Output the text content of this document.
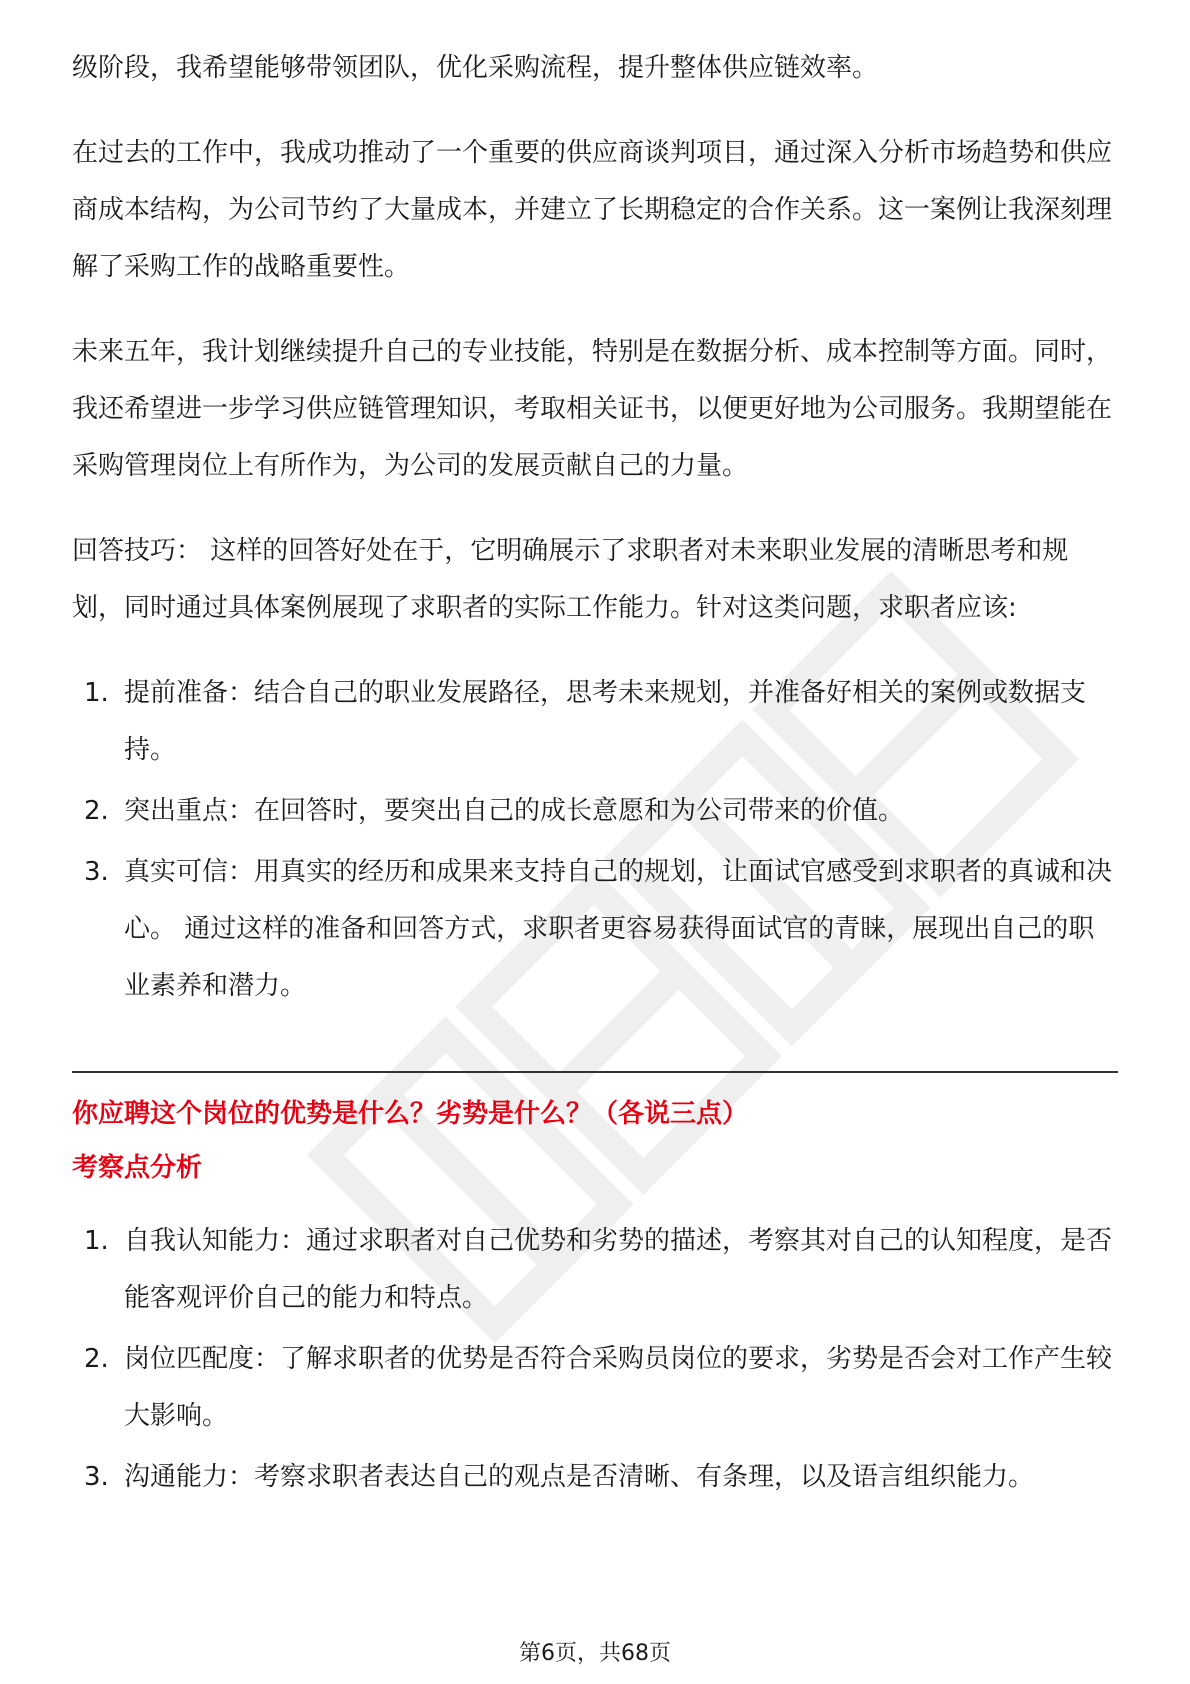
级阶段，我希望能够带领团队，优化采购流程，提升整体供应链效率。

在过去的工作中，我成功推动了一个重要的供应商谈判项目，通过深入分析市场趋势和供应商成本结构，为公司节约了大量成本，并建立了长期稳定的合作关系。这一案例让我深刻理解了采购工作的战略重要性。

未来五年，我计划继续提升自己的专业技能，特别是在数据分析、成本控制等方面。同时，我还希望进一步学习供应链管理知识，考取相关证书，以便更好地为公司服务。我期望能在采购管理岗位上有所作为，为公司的发展贡献自己的力量。

回答技巧： 这样的回答好处在于，它明确展示了求职者对未来职业发展的清晰思考和规划，同时通过具体案例展现了求职者的实际工作能力。针对这类问题，求职者应该:

1. 提前准备：结合自己的职业发展路径，思考未来规划，并准备好相关的案例或数据支持。
2. 突出重点：在回答时，要突出自己的成长意愿和为公司带来的价值。
3. 真实可信：用真实的经历和成果来支持自己的规划，让面试官感受到求职者的真诚和决心。 通过这样的准备和回答方式，求职者更容易获得面试官的青睐，展现出自己的职业素养和潜力。

你应聘这个岗位的优势是什么？劣势是什么？（各说三点）

考察点分析

1. 自我认知能力：通过求职者对自己优势和劣势的描述，考察其对自己的认知程度，是否能客观评价自己的能力和特点。
2. 岗位匹配度：了解求职者的优势是否符合采购员岗位的要求，劣势是否会对工作产生较大影响。
3. 沟通能力：考察求职者表达自己的观点是否清晰、有条理，以及语言组织能力。
第6页，共68页
